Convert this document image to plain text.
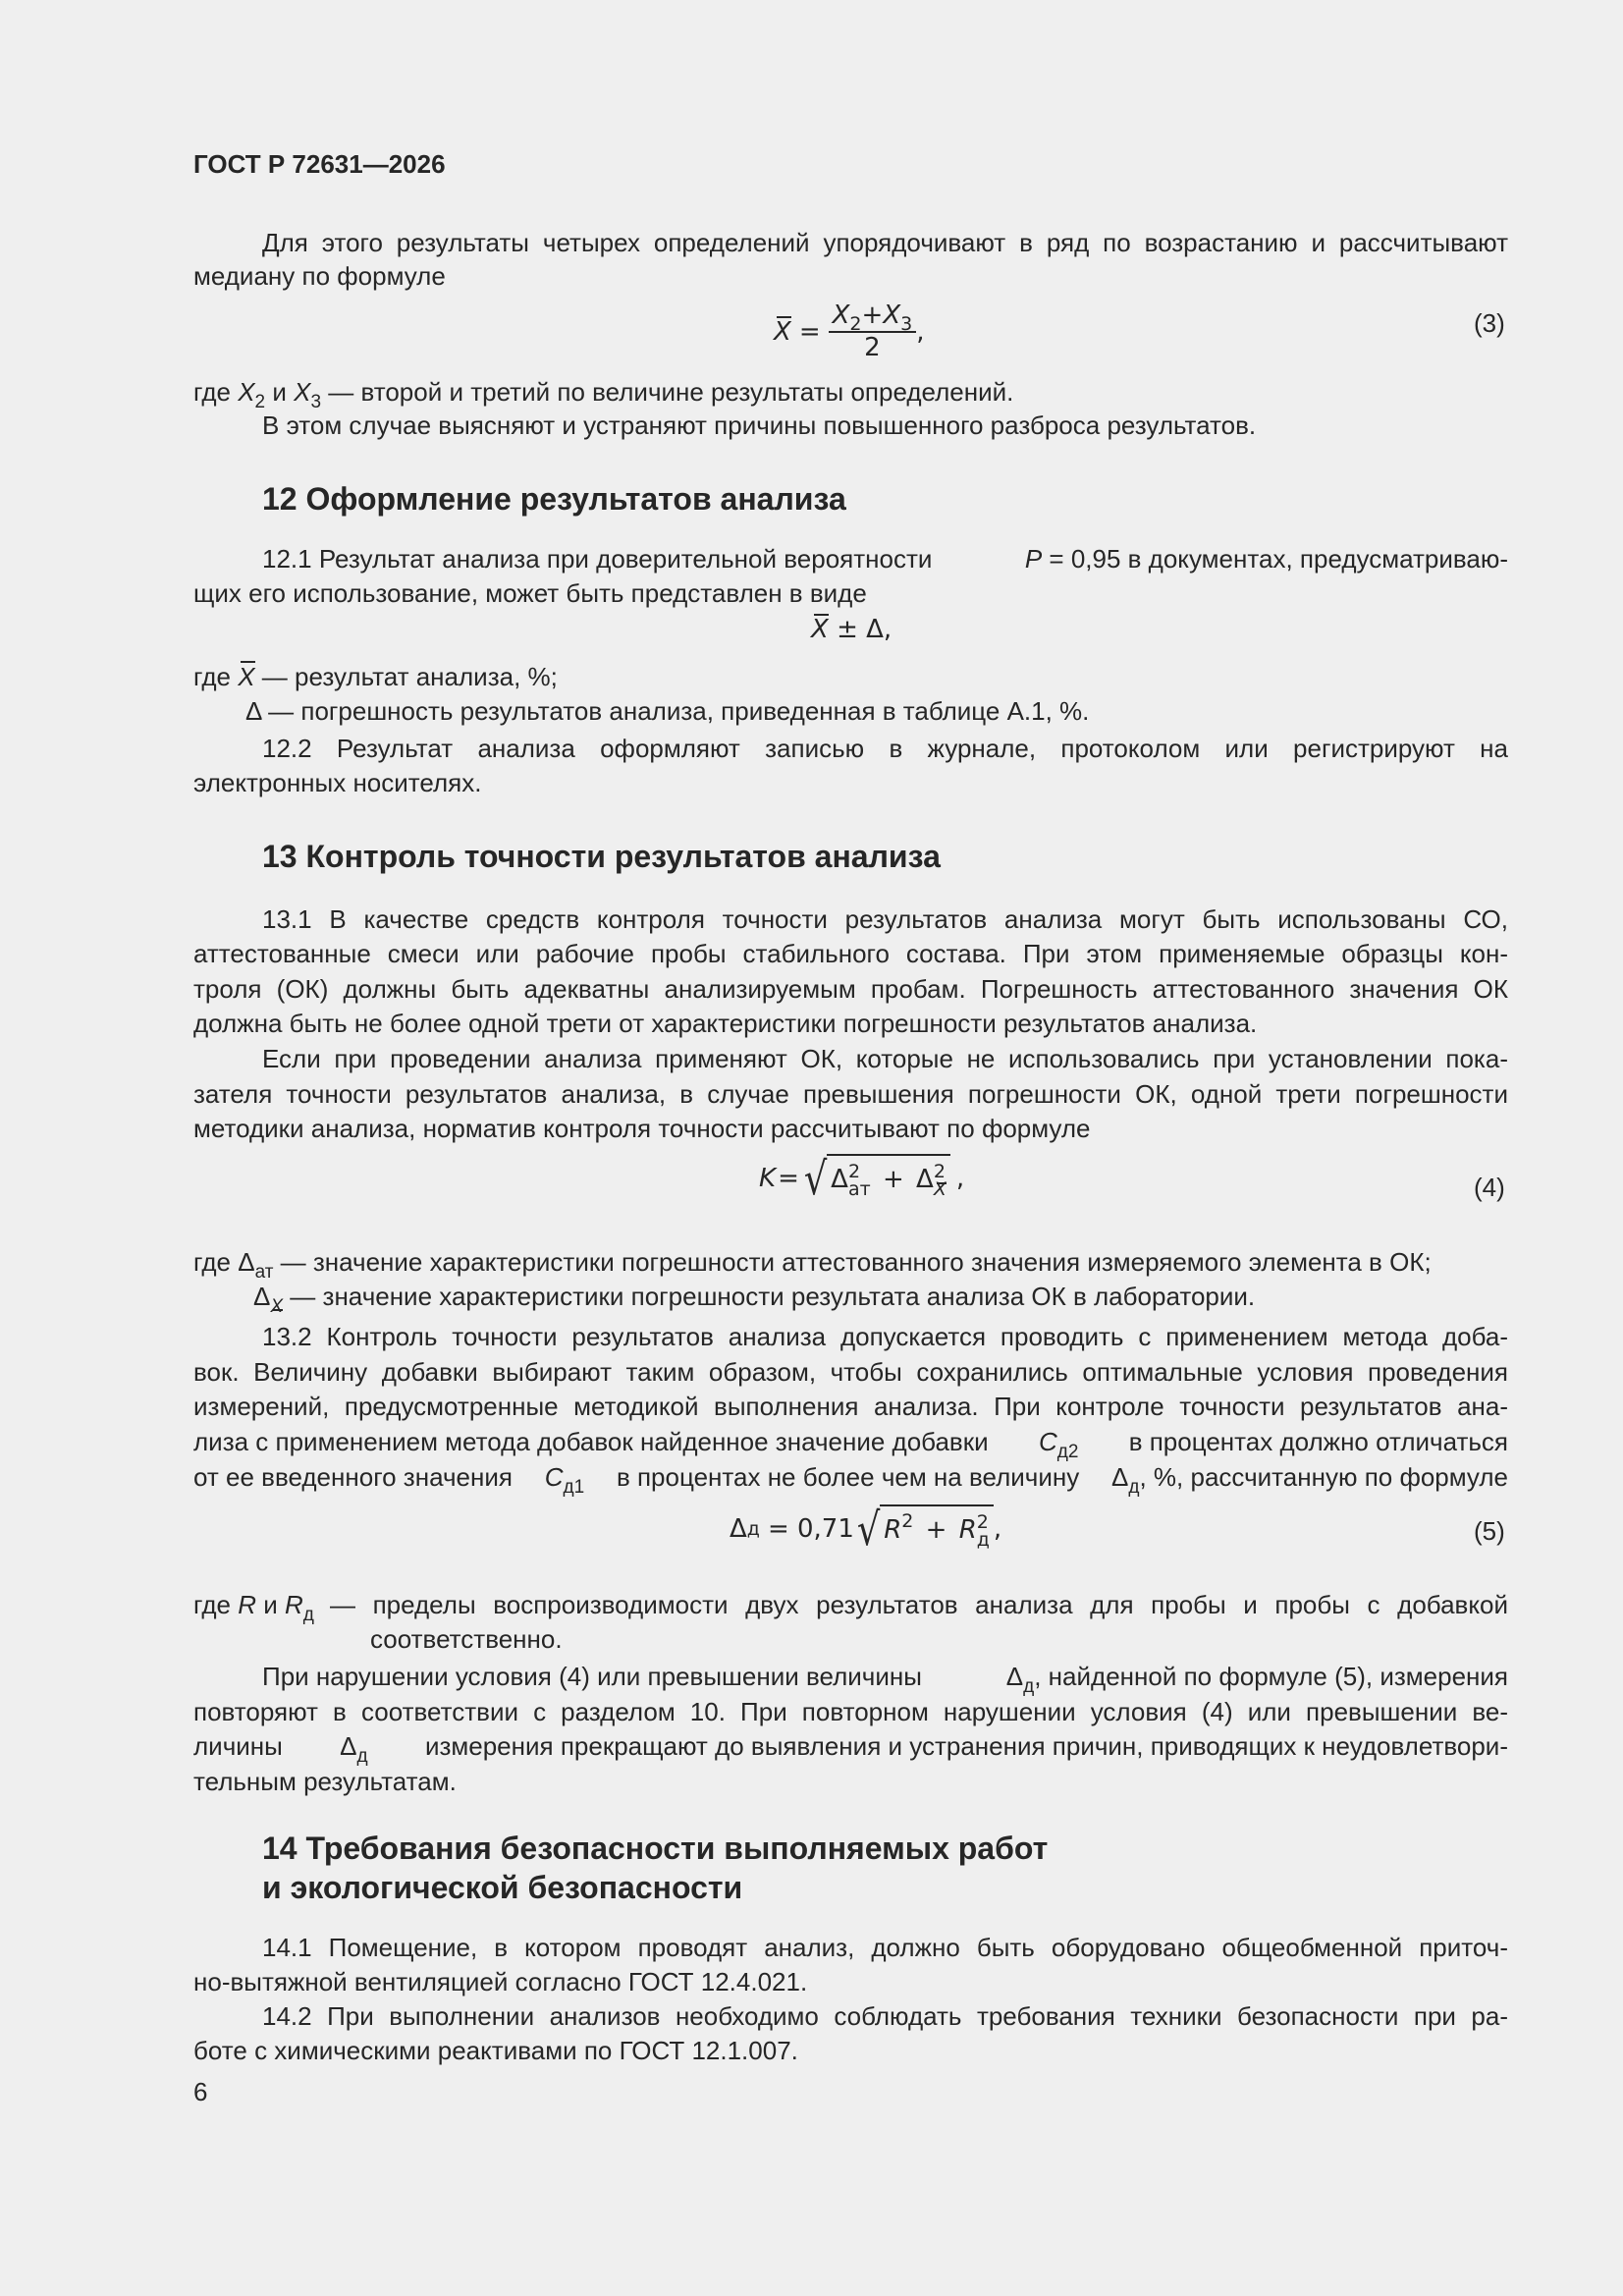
ГОСТ Р 72631—2026
Для этого результаты четырех определений упорядочивают в ряд по возрастанию и рассчитывают
медиану по формуле
$X = \frac{X_2+X_3}{2}$ ,	(3)
где $X_2$ и $X_3$ — второй и третий по величине результаты определений.
В этом случае выясняют и устраняют причины повышенного разброса результатов.
12 Оформление результатов анализа
12.1 Результат анализа при доверительной вероятности	P = 0,95 в документах, предусматриваю-
щих его использование, может быть представлен в виде
X ± Δ,
где X — результат анализа, %;
Δ — погрешность результатов анализа, приведенная в таблице А.1, %.
12.2 Результат анализа оформляют записью в журнале, протоколом или регистрируют на
электронных носителях.
13 Контроль точности результатов анализа
13.1 В качестве средств контроля точности результатов анализа могут быть использованы СО,
аттестованные смеси или рабочие пробы стабильного состава. При этом применяемые образцы кон-
троля (ОК) должны быть адекватны анализируемым пробам. Погрешность аттестованного значения ОК
должна быть не более одной трети от характеристики погрешности результатов анализа.
Если при проведении анализа применяют ОК, которые не использовались при установлении пока-
зателя точности результатов анализа, в случае превышения погрешности ОК, одной трети погрешности
методики анализа, норматив контроля точности рассчитывают по формуле
K = √ Δ 2
ат + Δ 2
X ,	(4)
где $\Delta_{ат}$ — значение характеристики погрешности аттестованного значения измеряемого элемента в ОК;
$\Delta_X$ — значение характеристики погрешности результата анализа ОК в лаборатории.
13.2 Контроль точности результатов анализа допускается проводить с применением метода доба-
вок. Величину добавки выбирают таким образом, чтобы сохранились оптимальные условия проведения
измерений, предусмотренные методикой выполнения анализа. При контроле точности результатов ана-
лиза с применением метода добавок найденное значение добавки $C_{д2}$ в процентах должно отличаться
от ее введенного значения $C_{д1}$ в процентах не более чем на величину $\Delta_д$, %, рассчитанную по формуле
Δ д = 0,71 √ $R^2 + R$ 2
д ,	(5)
где R и $R_д$ — пределы воспроизводимости двух результатов анализа для пробы и пробы с добавкой
соответственно.
При нарушении условия (4) или превышении величины	$\Delta_д$, найденной по формуле (5), измерения
повторяют в соответствии с разделом 10. При повторном нарушении условия (4) или превышении ве-
личины $\Delta_д$ измерения прекращают до выявления и устранения причин, приводящих к неудовлетвори-
тельным результатам.
14 Требования безопасности выполняемых работ
и экологической безопасности
14.1 Помещение, в котором проводят анализ, должно быть оборудовано общеобменной приточ-
но-вытяжной вентиляцией согласно ГОСТ 12.4.021.
14.2 При выполнении анализов необходимо соблюдать требования техники безопасности при ра-
боте с химическими реактивами по ГОСТ 12.1.007.
6
